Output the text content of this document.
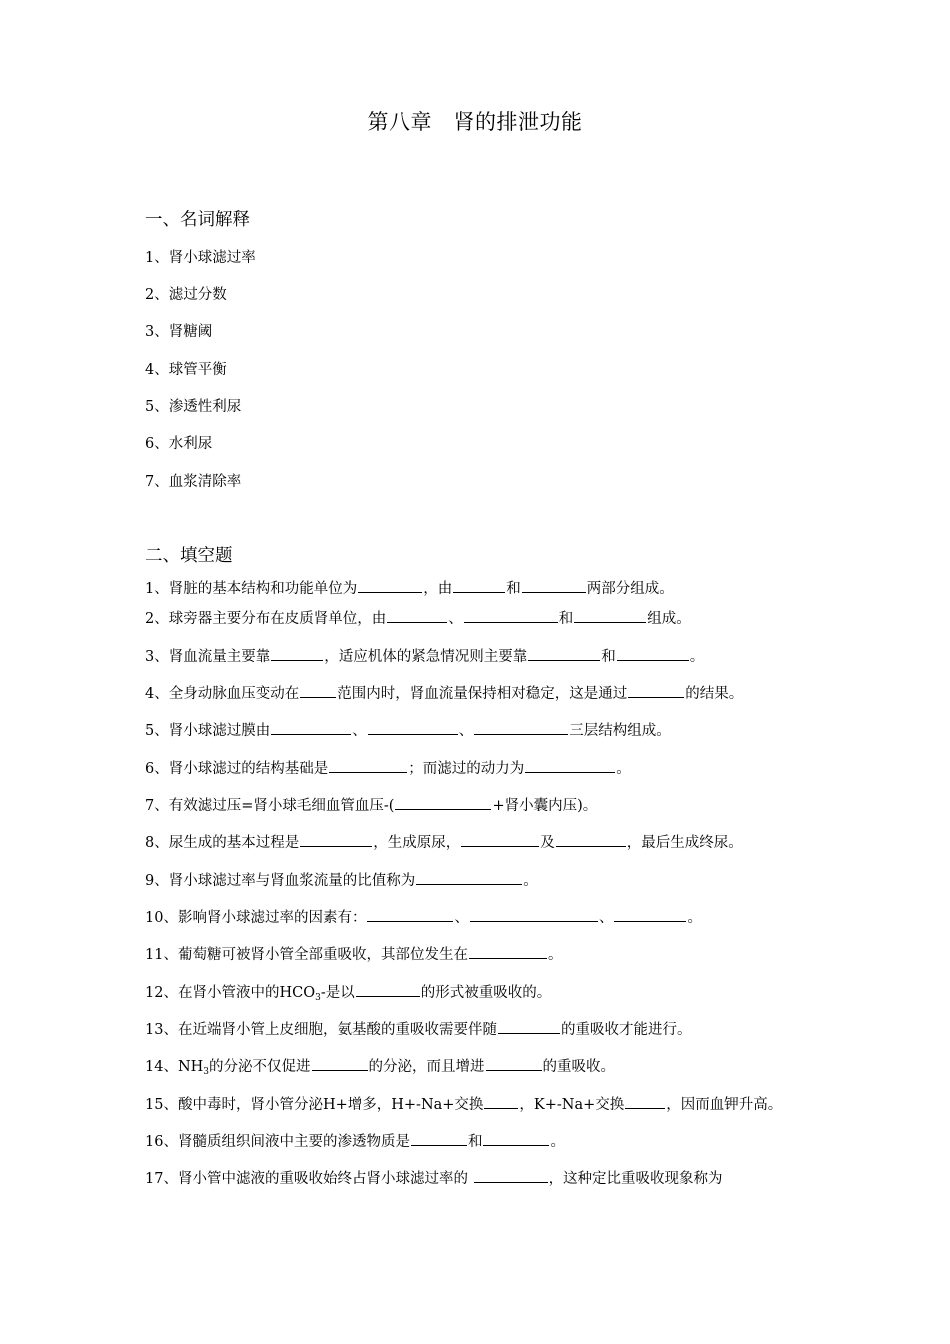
第八章　肾的排泄功能
一、名词解释
1、肾小球滤过率
2、滤过分数
3、肾糖阈
4、球管平衡
5、渗透性利尿
6、水利尿
7、血浆清除率
二、填空题
1、肾脏的基本结构和功能单位为	，由	和	两部分组成。
2、球旁器主要分布在皮质肾单位，由	、	和	组成。
3、肾血流量主要靠	，适应机体的紧急情况则主要靠	和	。
4、全身动脉血压变动在	范围内时，肾血流量保持相对稳定，这是通过	的结果。
5、肾小球滤过膜由	、	、	三层结构组成。
6、肾小球滤过的结构基础是	；而滤过的动力为	。
7、有效滤过压=肾小球毛细血管血压-(	+肾小囊内压)。
8、尿生成的基本过程是	，生成原尿，	及	，最后生成终尿。
9、肾小球滤过率与肾血浆流量的比值称为	。
10、影响肾小球滤过率的因素有：	、	、	。
11、葡萄糖可被肾小管全部重吸收，其部位发生在	。
12、在肾小管液中的$HCO_3-$是以	的形式被重吸收的。
13、在近端肾小管上皮细胞，氨基酸的重吸收需要伴随	的重吸收才能进行。
14、$NH_3$的分泌不仅促进	的分泌，而且增进	的重吸收。
15、酸中毒时，肾小管分泌H+增多，H+-Na+交换 ，K+-Na+交换	，因而血钾升高。
16、肾髓质组织间液中主要的渗透物质是	和	。
17、肾小管中滤液的重吸收始终占肾小球滤过率的	，这种定比重吸收现象称为
